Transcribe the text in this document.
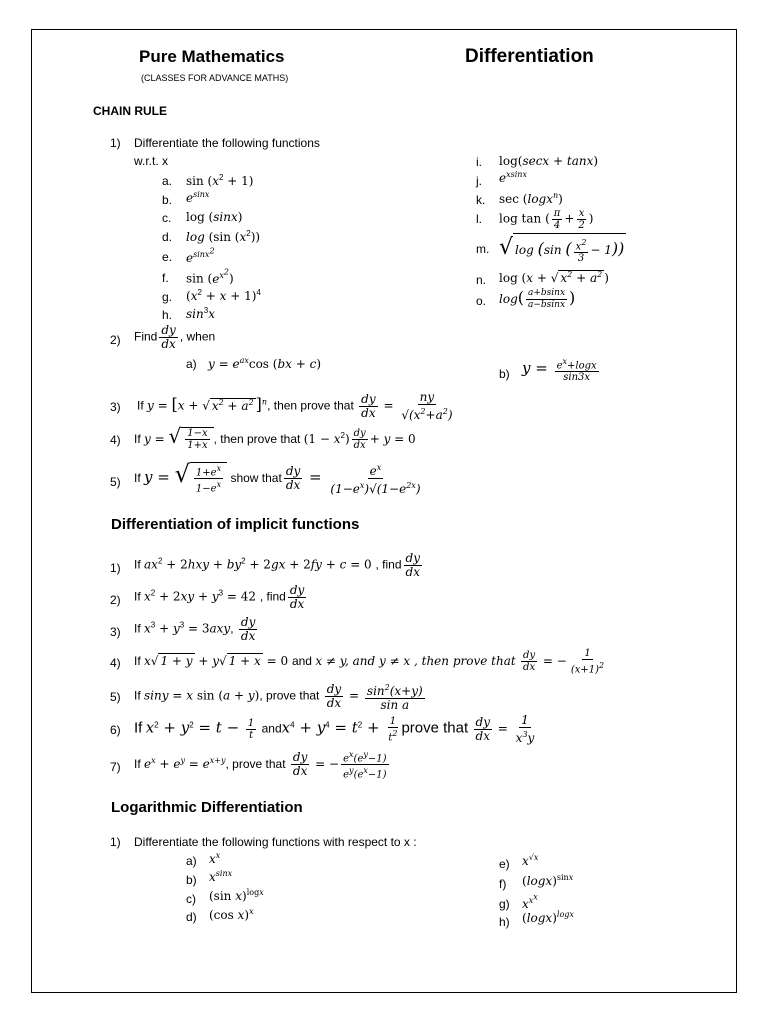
Pure Mathematics	Differentiation
(CLASSES FOR ADVANCE MATHS)
CHAIN RULE
1) Differentiate the following functions
w.r.t. x
a. $\sin (x^2 + 1)$
b. $e^{sinx}$
c. log (sinx)
d. log (sin $(x^2)$)
e. $e^{sinx^2}$
f. $\sin (e^{x^2})$
g. $(x^2 + x + 1)^4$
h. $\sin^3x$
i. log(secx + tanx)
j. $e^{xsinx}$
k. sec (logx$^n$)
l. log tan ( $\frac{\pi}{4} + \frac{x}{2}$ )
m. √ log (sin ( $\frac{x^2}{3} - 1$))
n. log (x + √ $x^2 + a^2$ )
o. $\log( \frac{a+bsinx}{a-bsinx}$ )
2) Find $\frac{dy}{dx}$ , when
a) $y = e^{ax}\cos$ (bx + c)
b) $y = \frac{e^x+\log x}{\sin 3x}$
3) If y = [x + √ $x^2 + a^2$ ]$^n$, then prove that $\frac{dy}{dx} = \frac{ny}{√(x^2+a^2)}$
4) If y = √ $\frac{1-x}{1+x}$ , then prove that $(1 - x^2) \frac{dy}{dx} + y = 0$
5) If y = √ $\frac{1+e^x}{1-e^x}$ show that $\frac{dy}{dx} = \frac{e^x}{(1-e^x)√(1-e^{2x})}$
Differentiation of implicit functions
1) If $ax^2 + 2hxy + by^2 + 2gx + 2fy + c = 0$ , find $\frac{dy}{dx}$
2) If $x^2 + 2xy + y^3 = 42$ , find $\frac{dy}{dx}$
3) If $x^3 + y^3 = 3axy$, $\frac{dy}{dx}$
4) If x√ 1 + y + y√ 1 + x = 0 and x ≠ y, and y ≠ x , then prove that $\frac{dy}{dx}$ = − $\frac{1}{(x+1)^2}$
5) If siny = x sin (a + y), prove that $\frac{dy}{dx} = \frac{\sin^2(x+y)}{\text{sin a}}$
6) If $x^2 + y^2 = t - \frac{1}{t}$ andx$^4$ + $y^4 = t^2 + \frac{1}{t^2}$ prove that $\frac{dy}{dx} = \frac{1}{x^3y}$
7) If $e^x + e^y = e^{x+y}$, prove that $\frac{dy}{dx}$ = − $\frac{e^x(e^y-1)}{e^y(e^x-1)}$
Logarithmic Differentiation
1) Differentiate the following functions with respect to x :
a) $x^x$
b) $x^{sinx}$
c) (sin x)$^{logx}$
d) (cos x)$^x$
e) $x^{√x}$
f) $(\log x)^{sinx}$
g) $x^{x^x}$
h) $(\log x)^{logx}$
